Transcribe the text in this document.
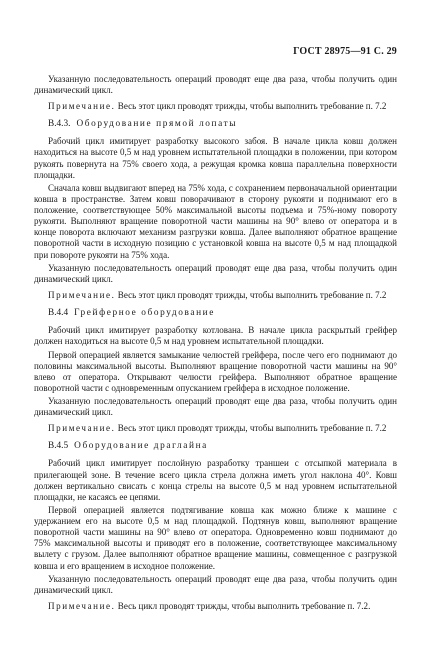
ГОСТ 28975—91 С. 29

Указанную последовательность операций проводят еще два раза, чтобы получить один динамический цикл.

Примечание. Весь этот цикл проводят трижды, чтобы выполнить требование п. 7.2

В.4.3. Оборудование прямой лопаты

Рабочий цикл имитирует разработку высокого забоя. В начале цикла ковш должен находиться на высоте 0,5 м над уровнем испытательной площадки в положении, при котором рукоять повернута на 75% своего хода, а режущая кромка ковша параллельна поверхности площадки.

Сначала ковш выдвигают вперед на 75% хода, с сохранением первоначальной ориентации ковша в пространстве. Затем ковш поворачивают в сторону рукояти и поднимают его в положение, соответствующее 50% максимальной высоты подъема и 75%-ному повороту рукояти. Выполняют вращение поворотной части машины на 90° влево от оператора и в конце поворота включают механизм разгрузки ковша. Далее выполняют обратное вращение поворотной части в исходную позицию с установкой ковша на высоте 0,5 м над площадкой при повороте рукояти на 75% хода.

Указанную последовательность операций проводят еще два раза, чтобы получить один динамический цикл.

Примечание. Весь этот цикл проводят трижды, чтобы выполнить требование п. 7.2

В.4.4 Грейферное оборудование

Рабочий цикл имитирует разработку котлована. В начале цикла раскрытый грейфер должен находиться на высоте 0,5 м над уровнем испытательной площадки.

Первой операцией является замыкание челюстей грейфера, после чего его поднимают до половины максимальной высоты. Выполняют вращение поворотной части машины на 90° влево от оператора. Открывают челюсти грейфера. Выполняют обратное вращение поворотной части с одновременным опусканием грейфера в исходное положение.

Указанную последовательность операций проводят еще два раза, чтобы получить один динамический цикл.

Примечание. Весь этот цикл проводят трижды, чтобы выполнить требование п. 7.2

В.4.5 Оборудование драглайна

Рабочий цикл имитирует послойную разработку траншеи с отсыпкой материала в прилегающей зоне. В течение всего цикла стрела должна иметь угол наклона 40°. Ковш должен вертикально свисать с конца стрелы на высоте 0,5 м над уровнем испытательной площадки, не касаясь ее цепями.

Первой операцией является подтягивание ковша как можно ближе к машине с удержанием его на высоте 0,5 м над площадкой. Подтянув ковш, выполняют вращение поворотной части машины на 90° влево от оператора. Одновременно ковш поднимают до 75% максимальной высоты и приводят его в положение, соответствующее максимальному вылету с грузом. Далее выполняют обратное вращение машины, совмещенное с разгрузкой ковша и его вращением в исходное положение.

Указанную последовательность операций проводят еще два раза, чтобы получить один динамический цикл.

Примечание. Весь цикл проводят трижды, чтобы выполнить требование п. 7.2.
